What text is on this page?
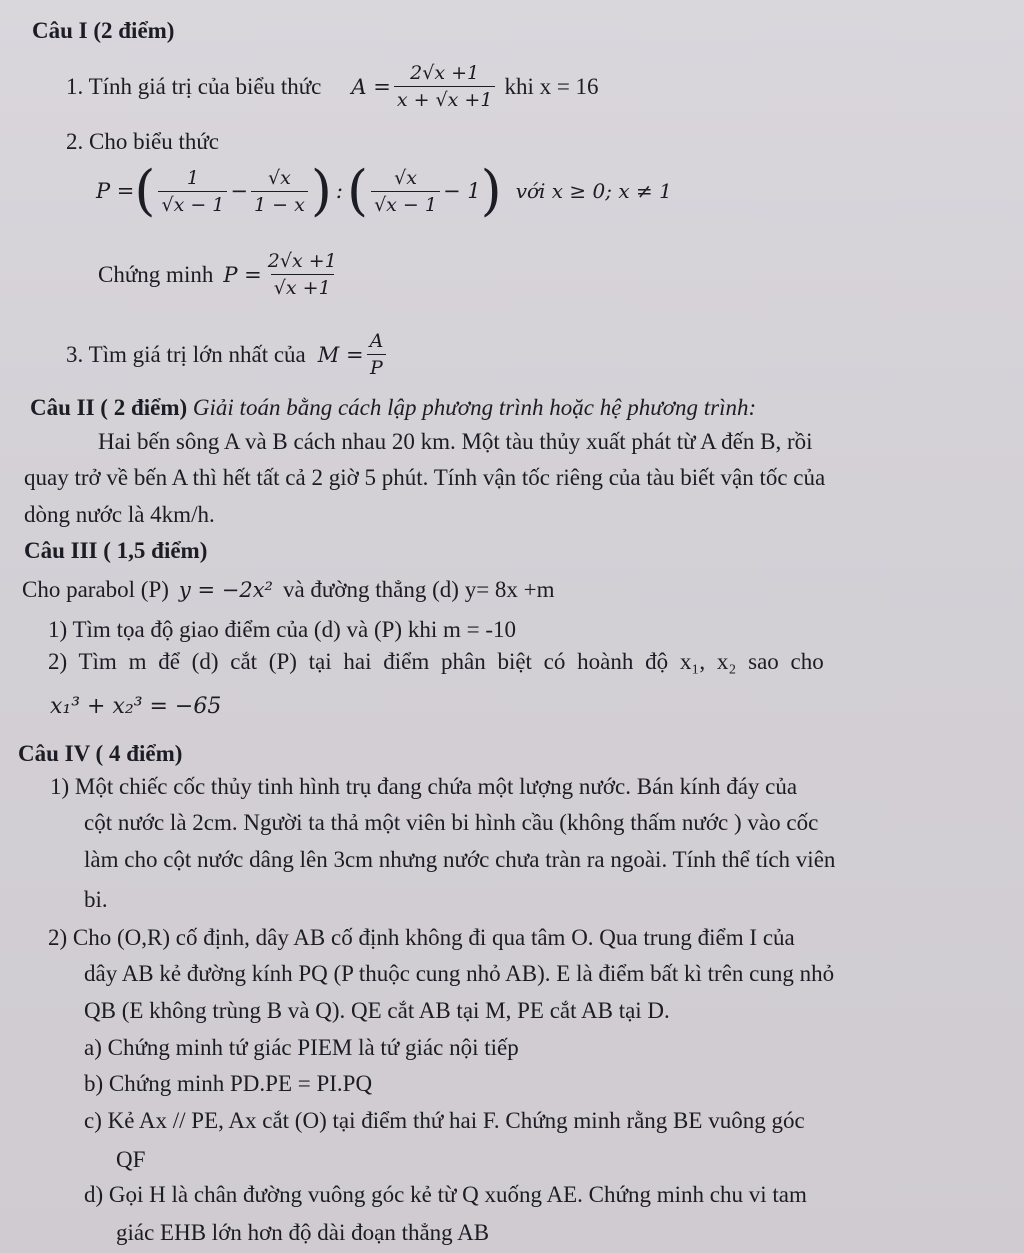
Câu I (2 điểm)
1. Tính giá trị của biểu thức $A = \frac{2√x +1}{x + √x +1}$ khi x = 16
2. Cho biểu thức
P = ( $\frac{1}{√x - 1} - \frac{√x}{1 - x}$ ) : ( $\frac{√x}{√x - 1} - 1$ ) với x ≥ 0; x ≠ 1
Chứng minh $P = \frac{2√x +1}{√x +1}$
3. Tìm giá trị lớn nhất của $M = \frac{A}{P}$
Câu II ( 2 điểm) Giải toán bằng cách lập phương trình hoặc hệ phương trình:
Hai bến sông A và B cách nhau 20 km. Một tàu thủy xuất phát từ A đến B, rồi
quay trở về bến A thì hết tất cả 2 giờ 5 phút. Tính vận tốc riêng của tàu biết vận tốc của
dòng nước là 4km/h.
Câu III ( 1,5 điểm)
Cho parabol (P) y = −2x² và đường thẳng (d) y= 8x +m
1) Tìm tọa độ giao điểm của (d) và (P) khi m = -10
2) Tìm m để (d) cắt (P) tại hai điểm phân biệt có hoành độ x₁, x₂ sao cho
x₁³ + x₂³ = −65
Câu IV ( 4 điểm)
1) Một chiếc cốc thủy tinh hình trụ đang chứa một lượng nước. Bán kính đáy của
cột nước là 2cm. Người ta thả một viên bi hình cầu (không thấm nước ) vào cốc
làm cho cột nước dâng lên 3cm nhưng nước chưa tràn ra ngoài. Tính thể tích viên
bi.
2) Cho (O,R) cố định, dây AB cố định không đi qua tâm O. Qua trung điểm I của
dây AB kẻ đường kính PQ (P thuộc cung nhỏ AB). E là điểm bất kì trên cung nhỏ
QB (E không trùng B và Q). QE cắt AB tại M, PE cắt AB tại D.
a) Chứng minh tứ giác PIEM là tứ giác nội tiếp
b) Chứng minh PD.PE = PI.PQ
c) Kẻ Ax // PE, Ax cắt (O) tại điểm thứ hai F. Chứng minh rằng BE vuông góc
QF
d) Gọi H là chân đường vuông góc kẻ từ Q xuống AE. Chứng minh chu vi tam
giác EHB lớn hơn độ dài đoạn thẳng AB
